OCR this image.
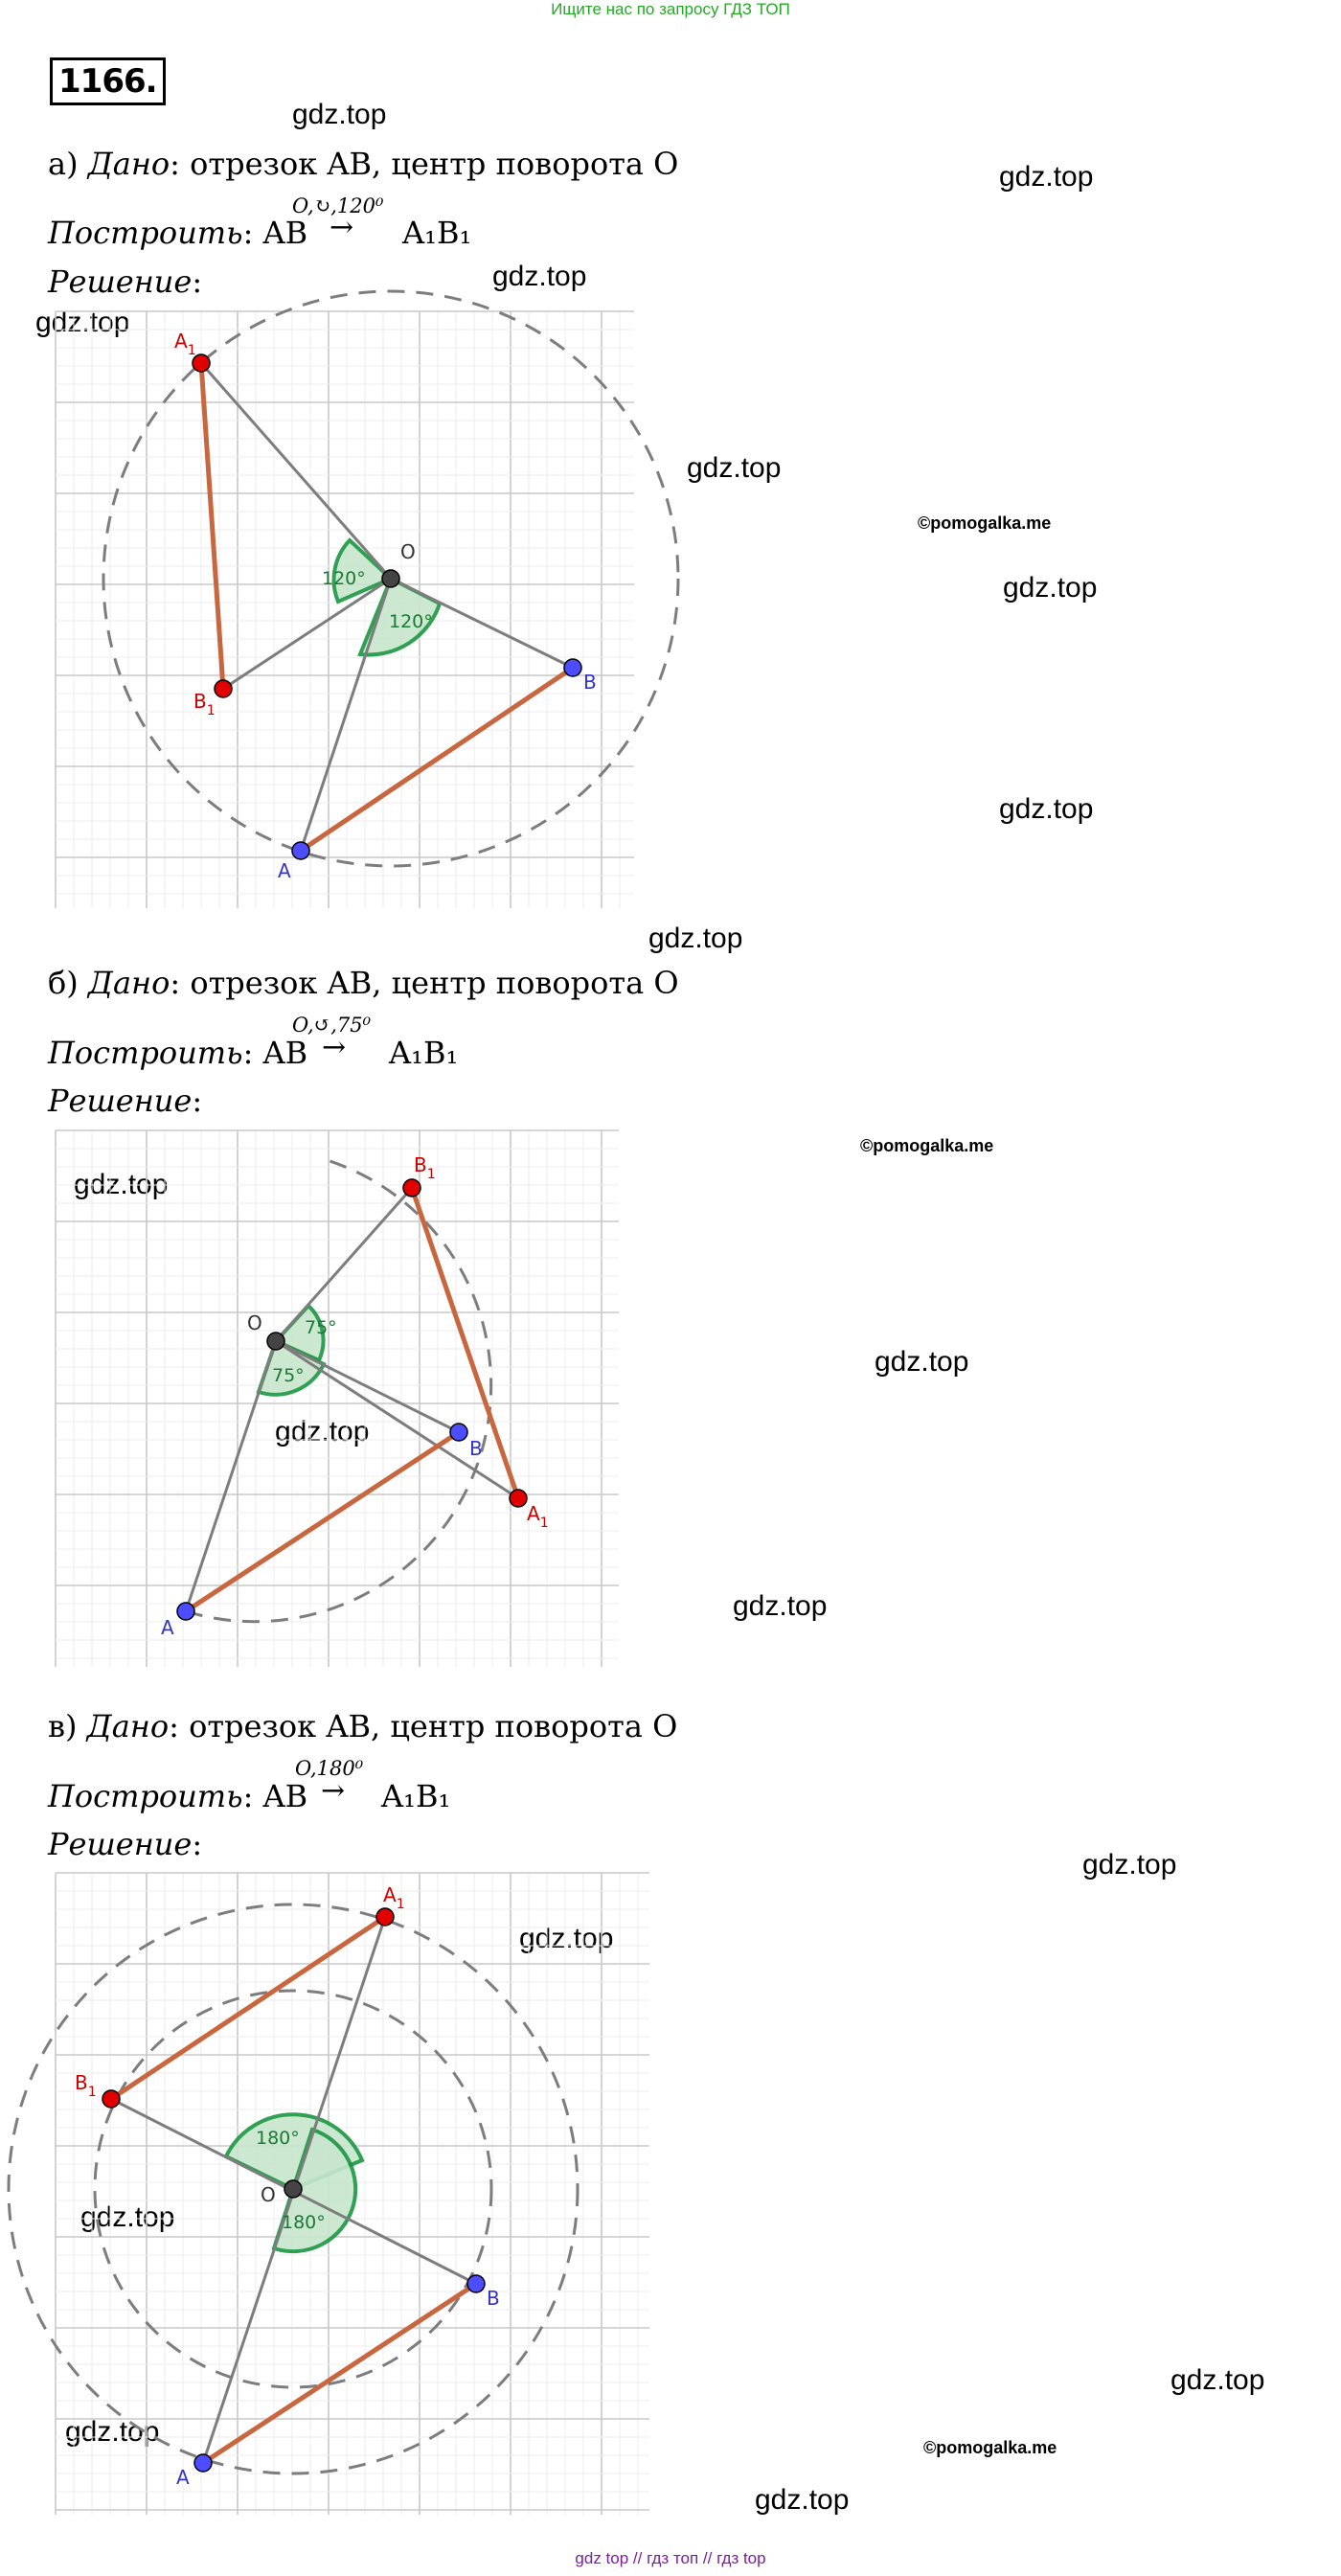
Ищите нас по запросу ГДЗ ТОП
1166.
gdz.top
gdz.top
gdz.top
gdz.top
gdz.top
©pomogalka.me
gdz.top
gdz.top
gdz.top
©pomogalka.me
gdz.top
gdz.top
gdz.top
gdz.top
gdz.top
gdz.top
gdz.top
gdz.top
gdz.top	©pomogalka.me
gdz.top
а) Дано: отрезок AB, центр поворота O
O,↻,120⁰
Построить: AB → A₁B₁
Решение:
O
$A_1$
$B_1$
A
B
120°
120°
б) Дано: отрезок AB, центр поворота O
O,↺,75⁰
Построить: AB → A₁B₁
Решение:
O
$B_1$
$A_1$
A
B
75°
75°
в) Дано: отрезок AB, центр поворота O
O,180⁰
Построить: AB → A₁B₁
Решение:
O
$A_1$
$B_1$
A
B
180°
180°
gdz top // гдз топ // гдз top
